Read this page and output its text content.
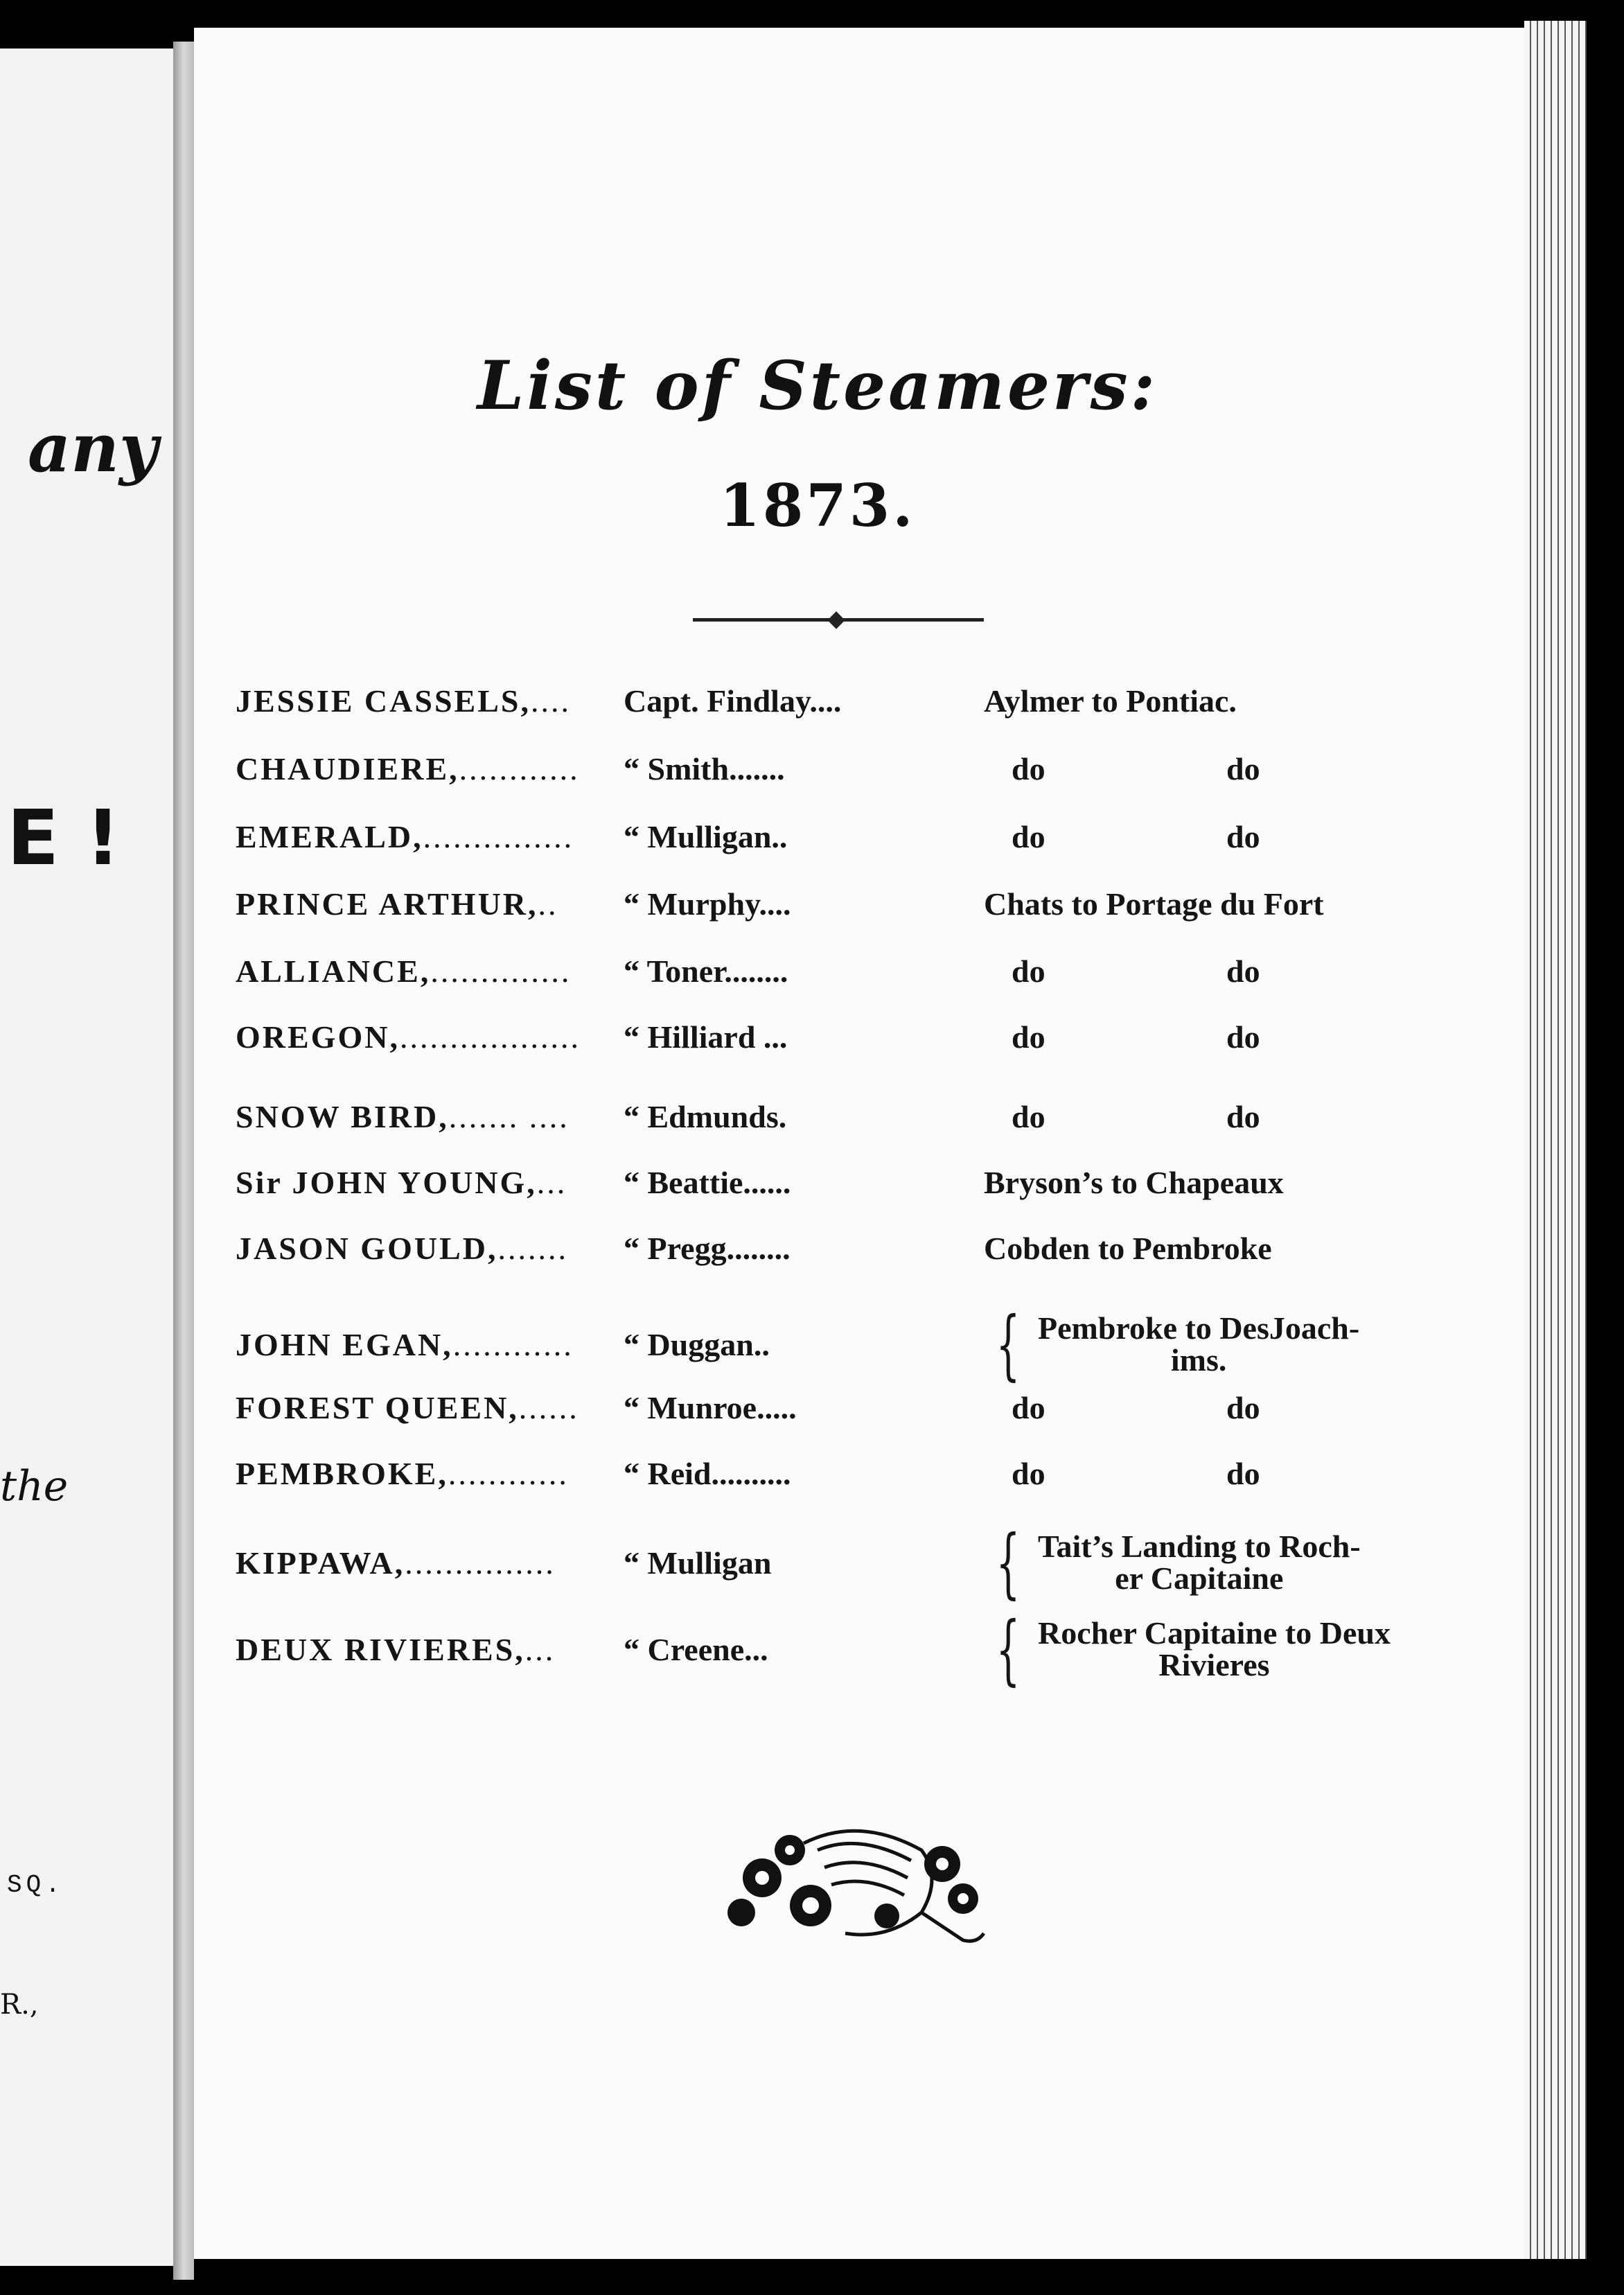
any
E !
the
SQ.
R.,
List of Steamers:
1873.
JESSIE CASSELS,....	Capt. Findlay....	Aylmer to Pontiac.
CHAUDIERE,............	“ Smith.......	do	do
EMERALD,...............	“ Mulligan..	do	do
PRINCE ARTHUR,..	“ Murphy....	Chats to Portage du Fort
ALLIANCE,..............	“ Toner........	do	do
OREGON,..................	“ Hilliard ...	do	do
SNOW BIRD,....... ....	“ Edmunds.	do	do
Sir JOHN YOUNG,...	“ Beattie......	Bryson’s to Chapeaux
JASON GOULD,.......	“ Pregg........	Cobden to Pembroke
JOHN EGAN,............	“ Duggan..	{ Pembroke to DesJoach-
ims.
FOREST QUEEN,......	“ Munroe.....	do	do
PEMBROKE,............	“ Reid..........	do	do
KIPPAWA,...............	“ Mulligan	{ Tait’s Landing to Roch-
er Capitaine
DEUX RIVIERES,...	“ Creene...	{ Rocher Capitaine to Deux
Rivieres
